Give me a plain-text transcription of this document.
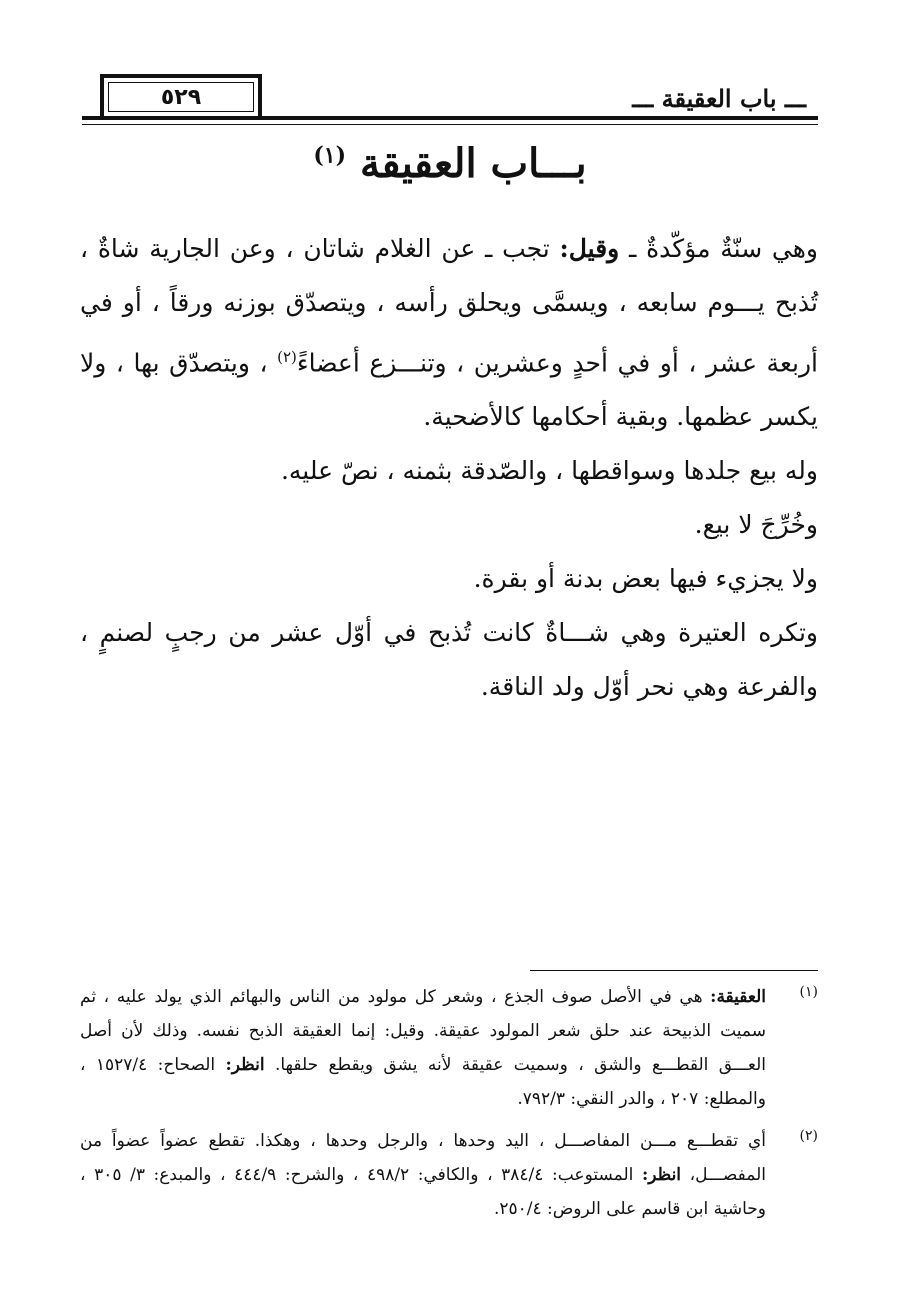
٥٢٩	ـــ باب العقيقة ـــ
بـــاب العقيقة $^{(١)}$

وهي سنّةٌ مؤكّدةٌ ـ وقيل: تجب ـ عن الغلام شاتان ، وعن الجارية شاةٌ ، تُذبح يـــوم سابعه ، ويسمَّى ويحلق رأسه ، ويتصدّق بوزنه ورقاً ، أو في أربعة عشر ، أو في أحدٍ وعشرين ، وتنـــزع أعضاءً$^{(٢)}$ ، ويتصدّق بها ، ولا يكسر عظمها. وبقية أحكامها كالأضحية.

وله بيع جلدها وسواقطها ، والصّدقة بثمنه ، نصّ عليه.

وخُرِّجَ لا بيع.

ولا يجزيء فيها بعض بدنة أو بقرة.

وتكره العتيرة وهي شـــاةٌ كانت تُذبح في أوّل عشر من رجبٍ لصنمٍ ، والفرعة وهي نحر أوّل ولد الناقة.

(١)
العقيقة: هي في الأصل صوف الجذع ، وشعر كل مولود من الناس والبهائم الذي يولد عليه ، ثم سميت الذبيحة عند حلق شعر المولود عقيقة. وقيل: إنما العقيقة الذبح نفسه. وذلك لأن أصل العـــق القطـــع والشق ، وسميت عقيقة لأنه يشق ويقطع حلقها. انظر: الصحاح: ١٥٢٧/٤ ، والمطلع: ٢٠٧ ، والدر النقي: ٧٩٢/٣.
(٢)
أي تقطـــع مـــن المفاصـــل ، اليد وحدها ، والرجل وحدها ، وهكذا. تقطع عضواً عضواً من المفصـــل، انظر: المستوعب: ٣٨٤/٤ ، والكافي: ٤٩٨/٢ ، والشرح: ٤٤٤/٩ ، والمبدع: ٣/ ٣٠٥ ، وحاشية ابن قاسم على الروض: ٢٥٠/٤.
